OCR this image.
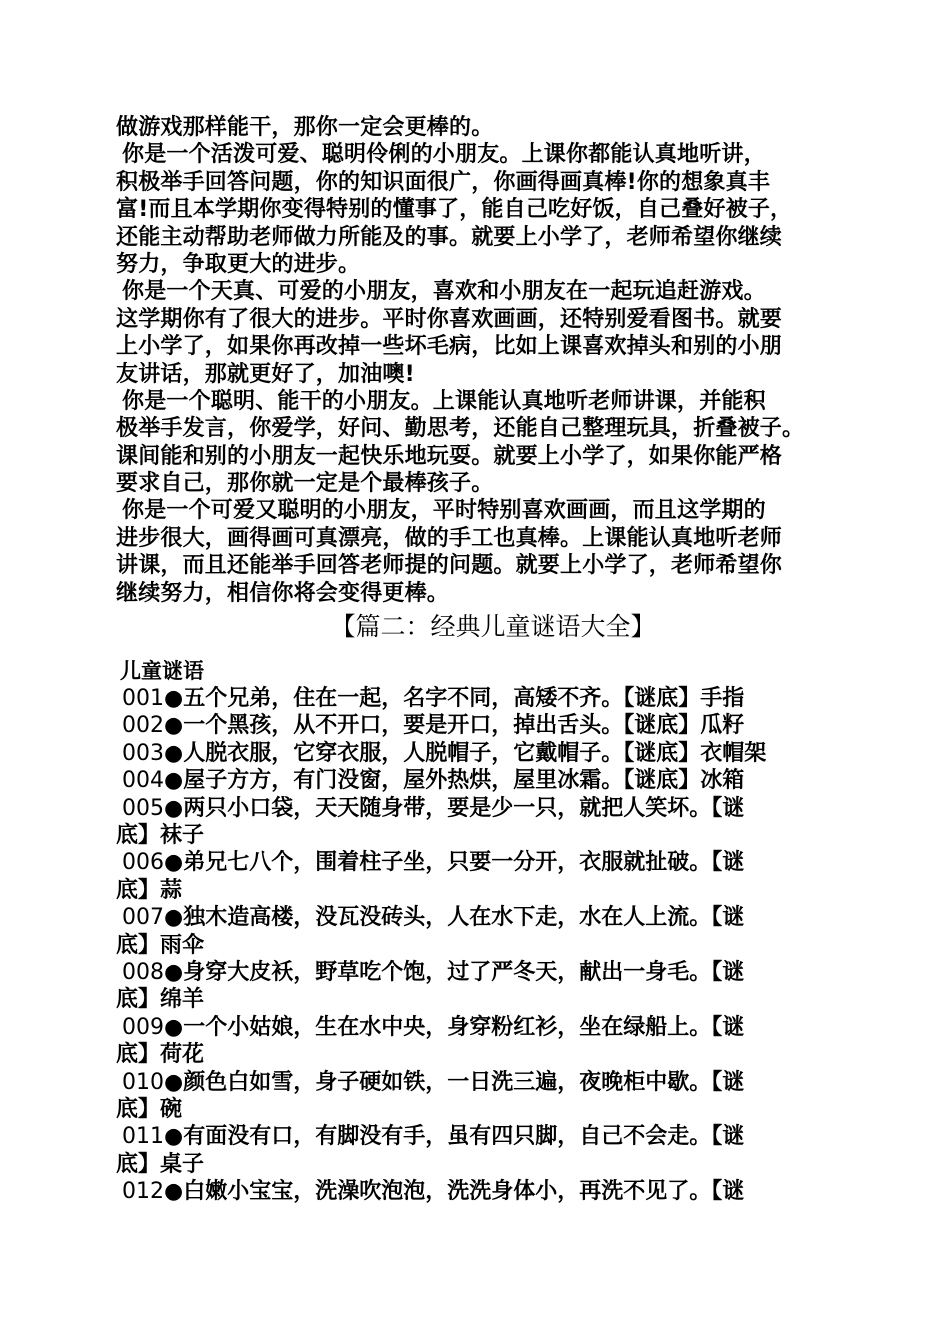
做游戏那样能干，那你一定会更棒的。
你是一个活泼可爱、聪明伶俐的小朋友。上课你都能认真地听讲，
积极举手回答问题，你的知识面很广，你画得画真棒!你的想象真丰
富!而且本学期你变得特别的懂事了，能自己吃好饭，自己叠好被子，
还能主动帮助老师做力所能及的事。就要上小学了，老师希望你继续
努力，争取更大的进步。
你是一个天真、可爱的小朋友，喜欢和小朋友在一起玩追赶游戏。
这学期你有了很大的进步。平时你喜欢画画，还特别爱看图书。就要
上小学了，如果你再改掉一些坏毛病，比如上课喜欢掉头和别的小朋
友讲话，那就更好了，加油噢!
你是一个聪明、能干的小朋友。上课能认真地听老师讲课，并能积
极举手发言，你爱学，好问、勤思考，还能自己整理玩具，折叠被子。
课间能和别的小朋友一起快乐地玩耍。就要上小学了，如果你能严格
要求自己，那你就一定是个最棒孩子。
你是一个可爱又聪明的小朋友，平时特别喜欢画画，而且这学期的
进步很大，画得画可真漂亮，做的手工也真棒。上课能认真地听老师
讲课，而且还能举手回答老师提的问题。就要上小学了，老师希望你
继续努力，相信你将会变得更棒。
【篇二：经典儿童谜语大全】
儿童谜语
001●五个兄弟，住在一起，名字不同，高矮不齐。【谜底】手指
002●一个黑孩，从不开口，要是开口，掉出舌头。【谜底】瓜籽
003●人脱衣服，它穿衣服，人脱帽子，它戴帽子。【谜底】衣帽架
004●屋子方方，有门没窗，屋外热烘，屋里冰霜。【谜底】冰箱
005●两只小口袋，天天随身带，要是少一只，就把人笑坏。【谜
底】袜子
006●弟兄七八个，围着柱子坐，只要一分开，衣服就扯破。【谜
底】蒜
007●独木造高楼，没瓦没砖头，人在水下走，水在人上流。【谜
底】雨伞
008●身穿大皮袄，野草吃个饱，过了严冬天，献出一身毛。【谜
底】绵羊
009●一个小姑娘，生在水中央，身穿粉红衫，坐在绿船上。【谜
底】荷花
010●颜色白如雪，身子硬如铁，一日洗三遍，夜晚柜中歇。【谜
底】碗
011●有面没有口，有脚没有手，虽有四只脚，自己不会走。【谜
底】桌子
012●白嫩小宝宝，洗澡吹泡泡，洗洗身体小，再洗不见了。【谜
